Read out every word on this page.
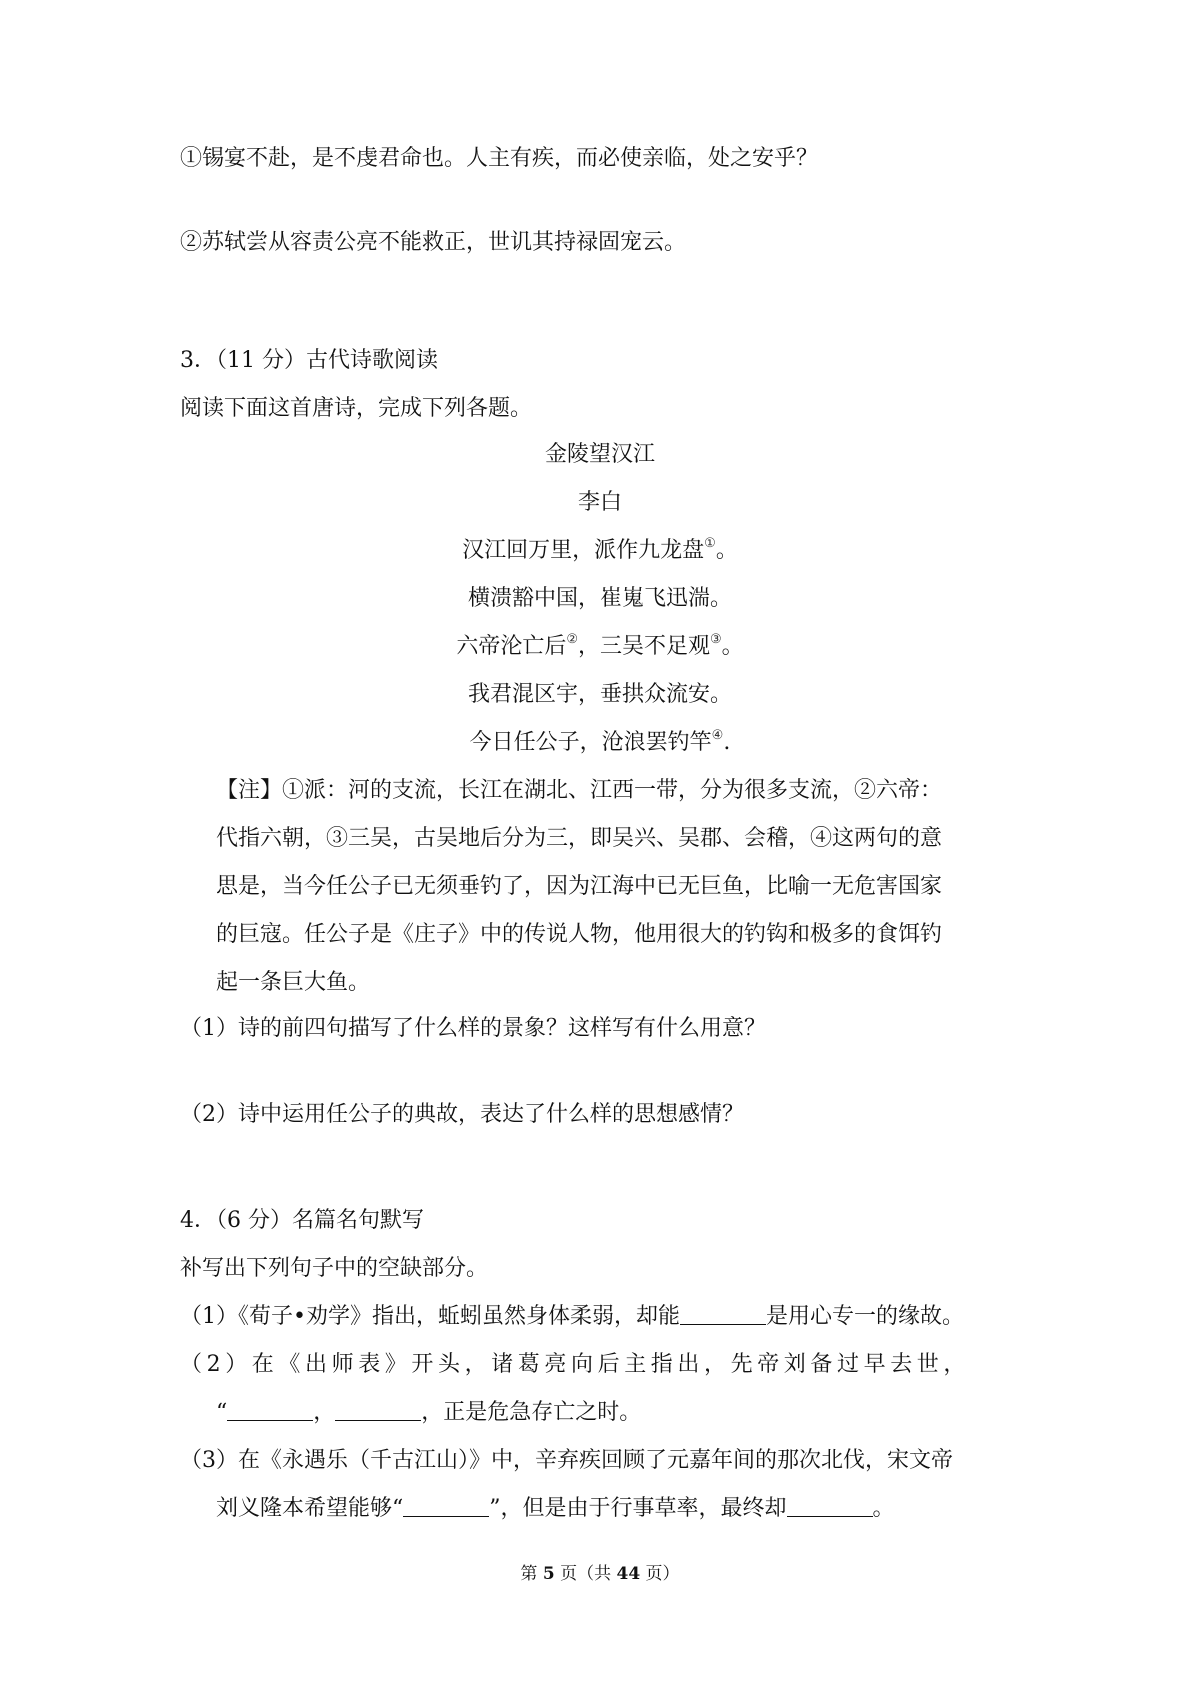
①锡宴不赴，是不虔君命也。人主有疾，而必使亲临，处之安乎？
②苏轼尝从容责公亮不能救正，世讥其持禄固宠云。
3．（11 分）古代诗歌阅读
阅读下面这首唐诗，完成下列各题。
金陵望汉江
李白
汉江回万里，派作九龙盘①。
横溃豁中国，崔嵬飞迅湍。
六帝沦亡后②，三吴不足观③。
我君混区宇，垂拱众流安。
今日任公子，沧浪罢钓竿④.
【注】①派：河的支流，长江在湖北、江西一带，分为很多支流，②六帝：
代指六朝，③三吴，古吴地后分为三，即吴兴、吴郡、会稽，④这两句的意
思是，当今任公子已无须垂钓了，因为江海中已无巨鱼，比喻一无危害国家
的巨寇。任公子是《庄子》中的传说人物，他用很大的钓钩和极多的食饵钓
起一条巨大鱼。
（1）诗的前四句描写了什么样的景象？这样写有什么用意？
（2）诗中运用任公子的典故，表达了什么样的思想感情？
4．（6 分）名篇名句默写
补写出下列句子中的空缺部分。
（1）《荀子•劝学》指出，蚯蚓虽然身体柔弱，却能	是用心专一的缘故。
（2）在《出师表》开头，诸葛亮向后主指出，先帝刘备过早去世，
“	，	，正是危急存亡之时。
（3）在《永遇乐（千古江山）》中，辛弃疾回顾了元嘉年间的那次北伐，宋文帝
刘义隆本希望能够“	”，但是由于行事草率，最终却	。
第 5 页（共 44 页）
